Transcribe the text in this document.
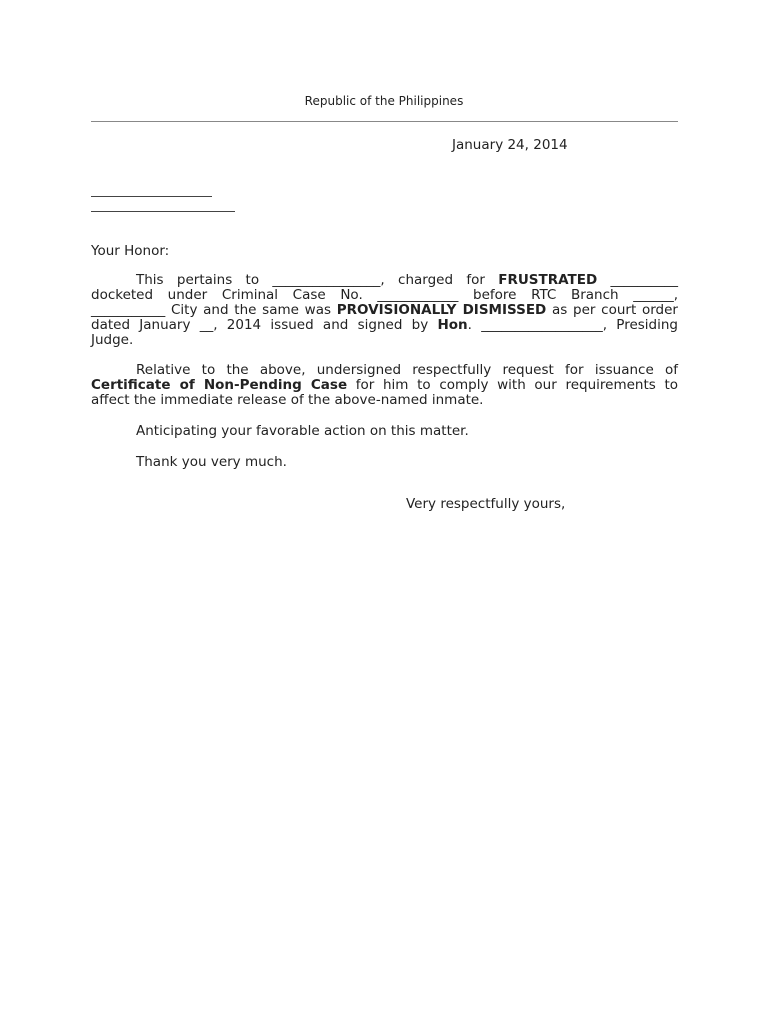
Republic of the Philippines
January 24, 2014
Your Honor:
This pertains to ________________, charged for FRUSTRATED __________
docketed under Criminal Case No. ____________ before RTC Branch ______,
___________ City and the same was PROVISIONALLY DISMISSED as per court order
dated January __, 2014 issued and signed by Hon. __________________, Presiding
Judge.
Relative to the above, undersigned respectfully request for issuance of
Certificate of Non-Pending Case for him to comply with our requirements to
affect the immediate release of the above-named inmate.
Anticipating your favorable action on this matter.
Thank you very much.
Very respectfully yours,
